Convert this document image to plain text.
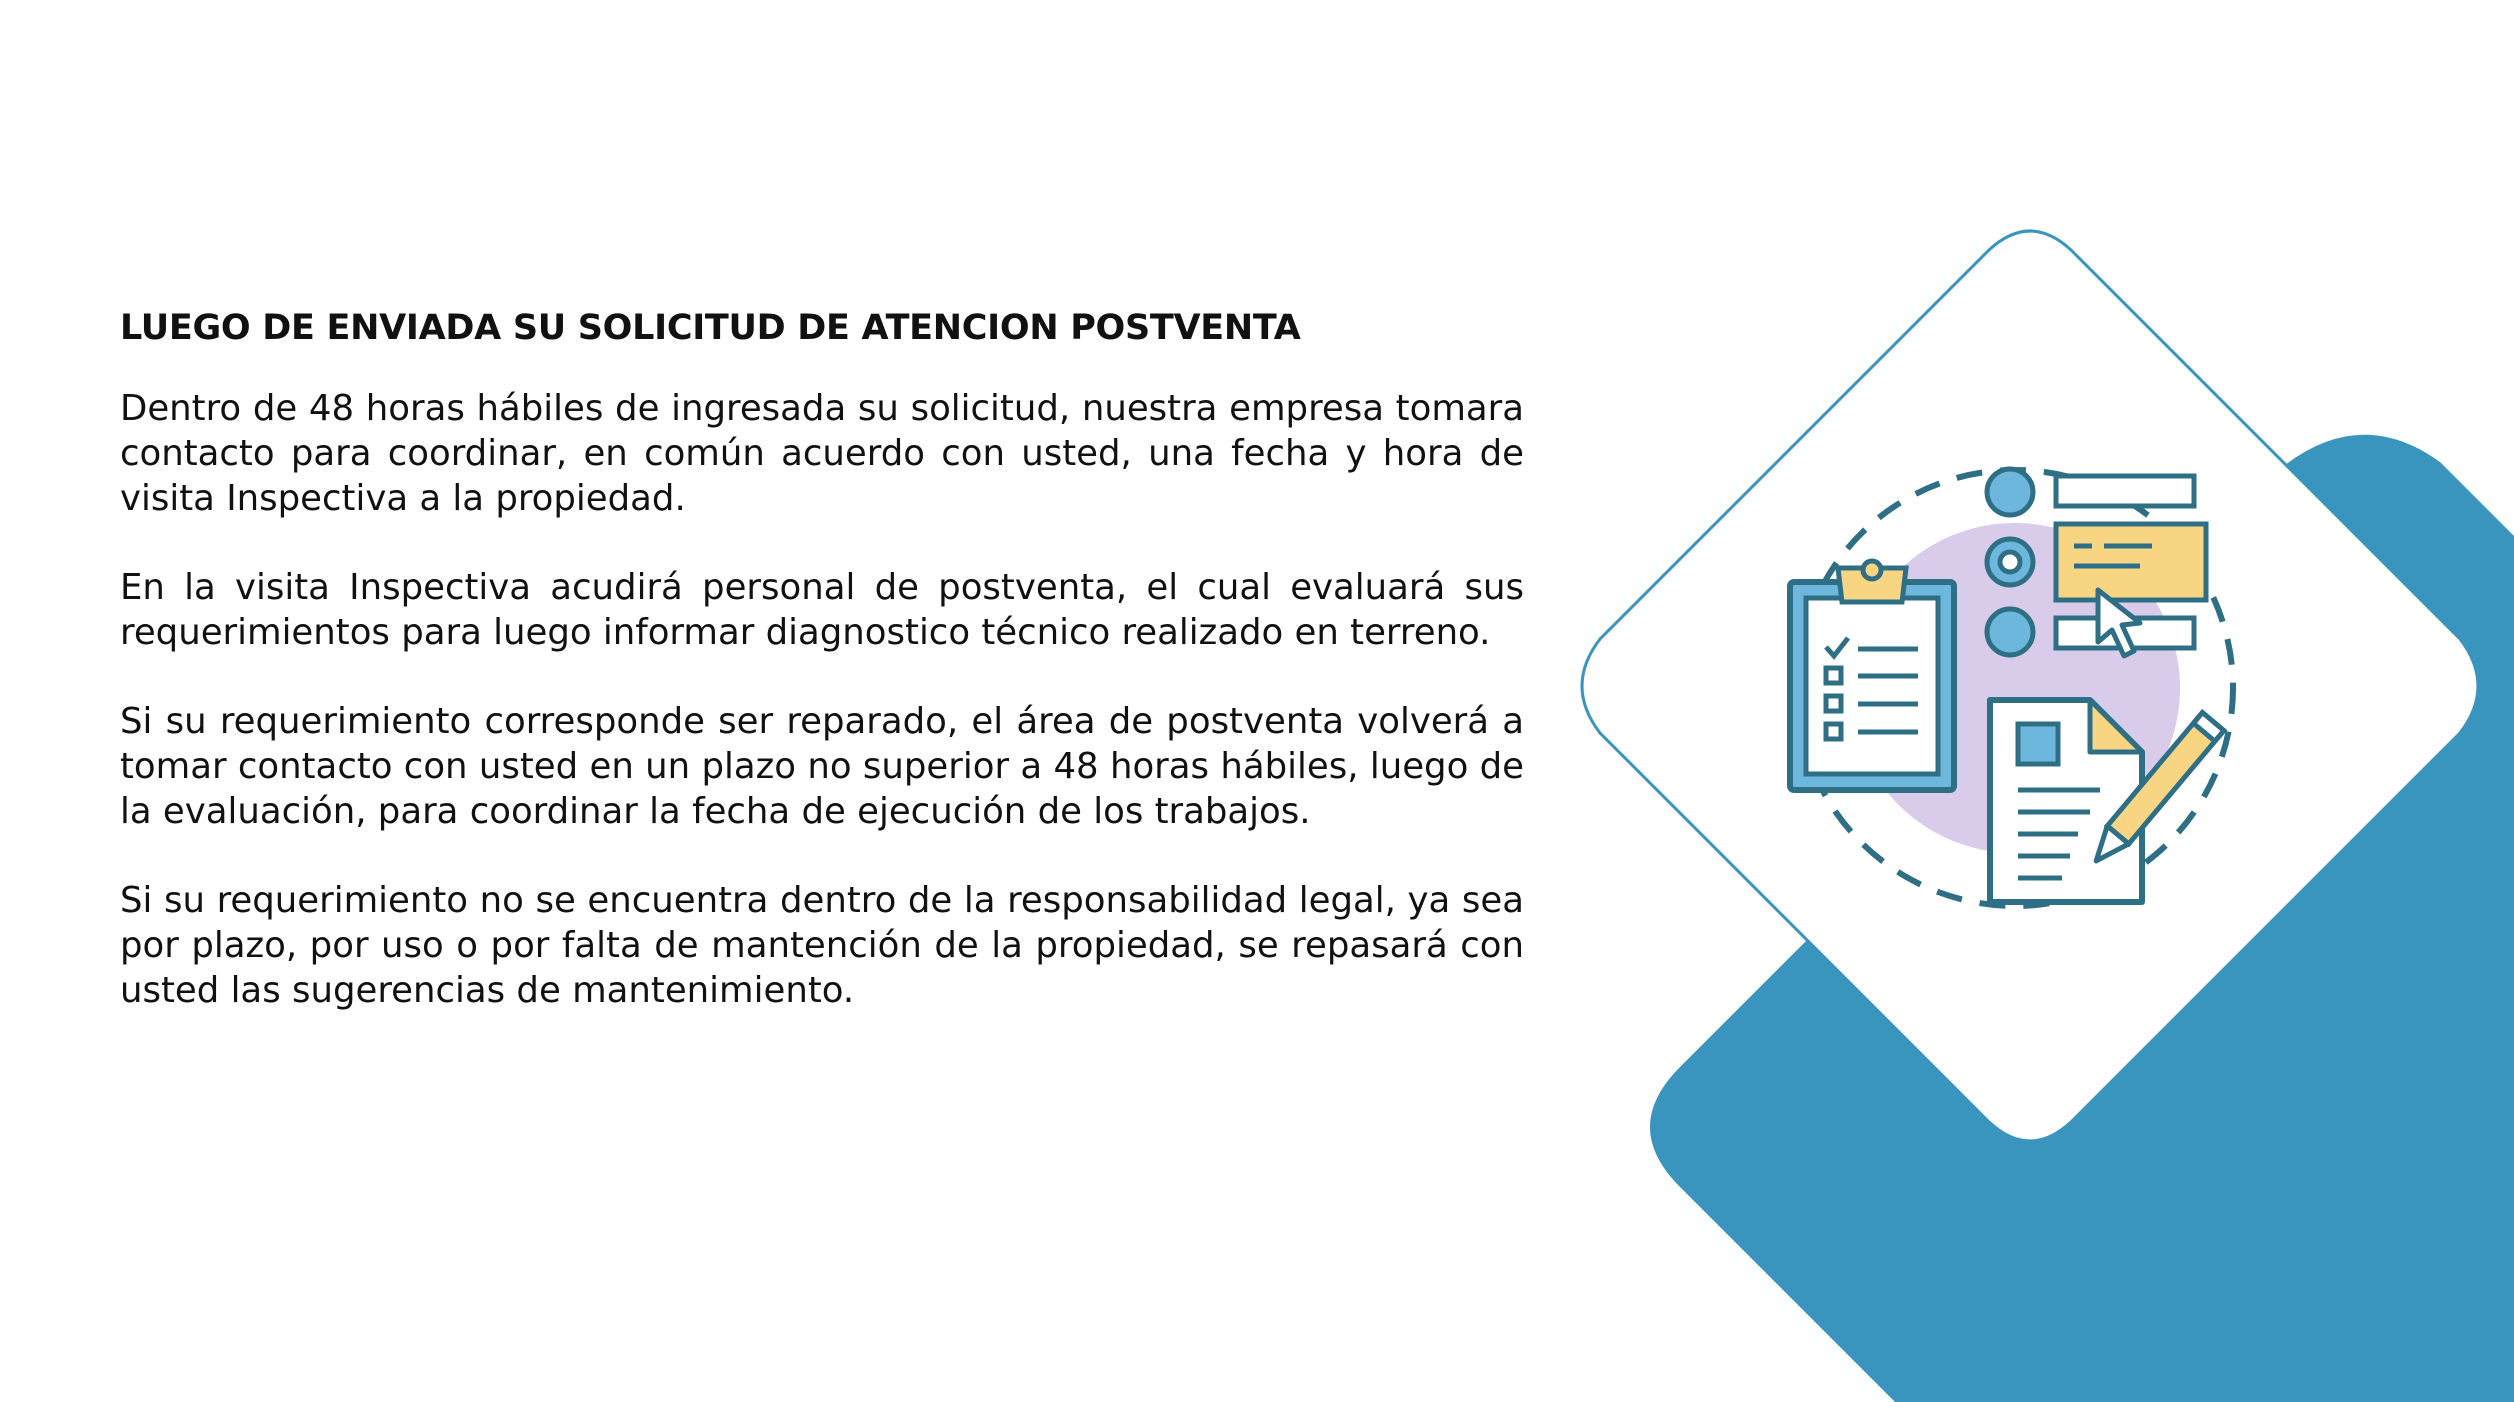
LUEGO DE ENVIADA SU SOLICITUD DE ATENCION POSTVENTA

Dentro de 48 horas hábiles de ingresada su solicitud, nuestra empresa tomara contacto para coordinar, en común acuerdo con usted, una fecha y hora de visita Inspectiva a la propiedad.

En la visita Inspectiva acudirá personal de postventa, el cual evaluará sus requerimientos para luego informar diagnostico técnico realizado en terreno.

Si su requerimiento corresponde ser reparado, el área de postventa volverá a tomar contacto con usted en un plazo no superior a 48 horas hábiles, luego de la evaluación, para coordinar la fecha de ejecución de los trabajos.

Si su requerimiento no se encuentra dentro de la responsabilidad legal, ya sea por plazo, por uso o por falta de mantención de la propiedad, se repasará con usted las sugerencias de mantenimiento.
